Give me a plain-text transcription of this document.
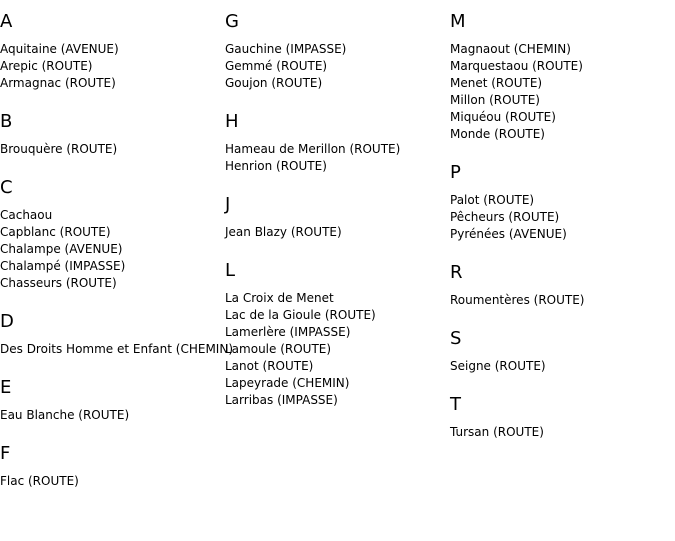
A
Aquitaine (AVENUE)
Arepic (ROUTE)
Armagnac (ROUTE)
B
Brouquère (ROUTE)
C
Cachaou
Capblanc (ROUTE)
Chalampe (AVENUE)
Chalampé (IMPASSE)
Chasseurs (ROUTE)
D
Des Droits Homme et Enfant (CHEMIN)
E
Eau Blanche (ROUTE)
F
Flac (ROUTE)
G
Gauchine (IMPASSE)
Gemmé (ROUTE)
Goujon (ROUTE)
H
Hameau de Merillon (ROUTE)
Henrion (ROUTE)
J
Jean Blazy (ROUTE)
L
La Croix de Menet
Lac de la Gioule (ROUTE)
Lamerlère (IMPASSE)
Lamoule (ROUTE)
Lanot (ROUTE)
Lapeyrade (CHEMIN)
Larribas (IMPASSE)
M
Magnaout (CHEMIN)
Marquestaou (ROUTE)
Menet (ROUTE)
Millon (ROUTE)
Miquéou (ROUTE)
Monde (ROUTE)
P
Palot (ROUTE)
Pêcheurs (ROUTE)
Pyrénées (AVENUE)
R
Roumentères (ROUTE)
S
Seigne (ROUTE)
T
Tursan (ROUTE)
